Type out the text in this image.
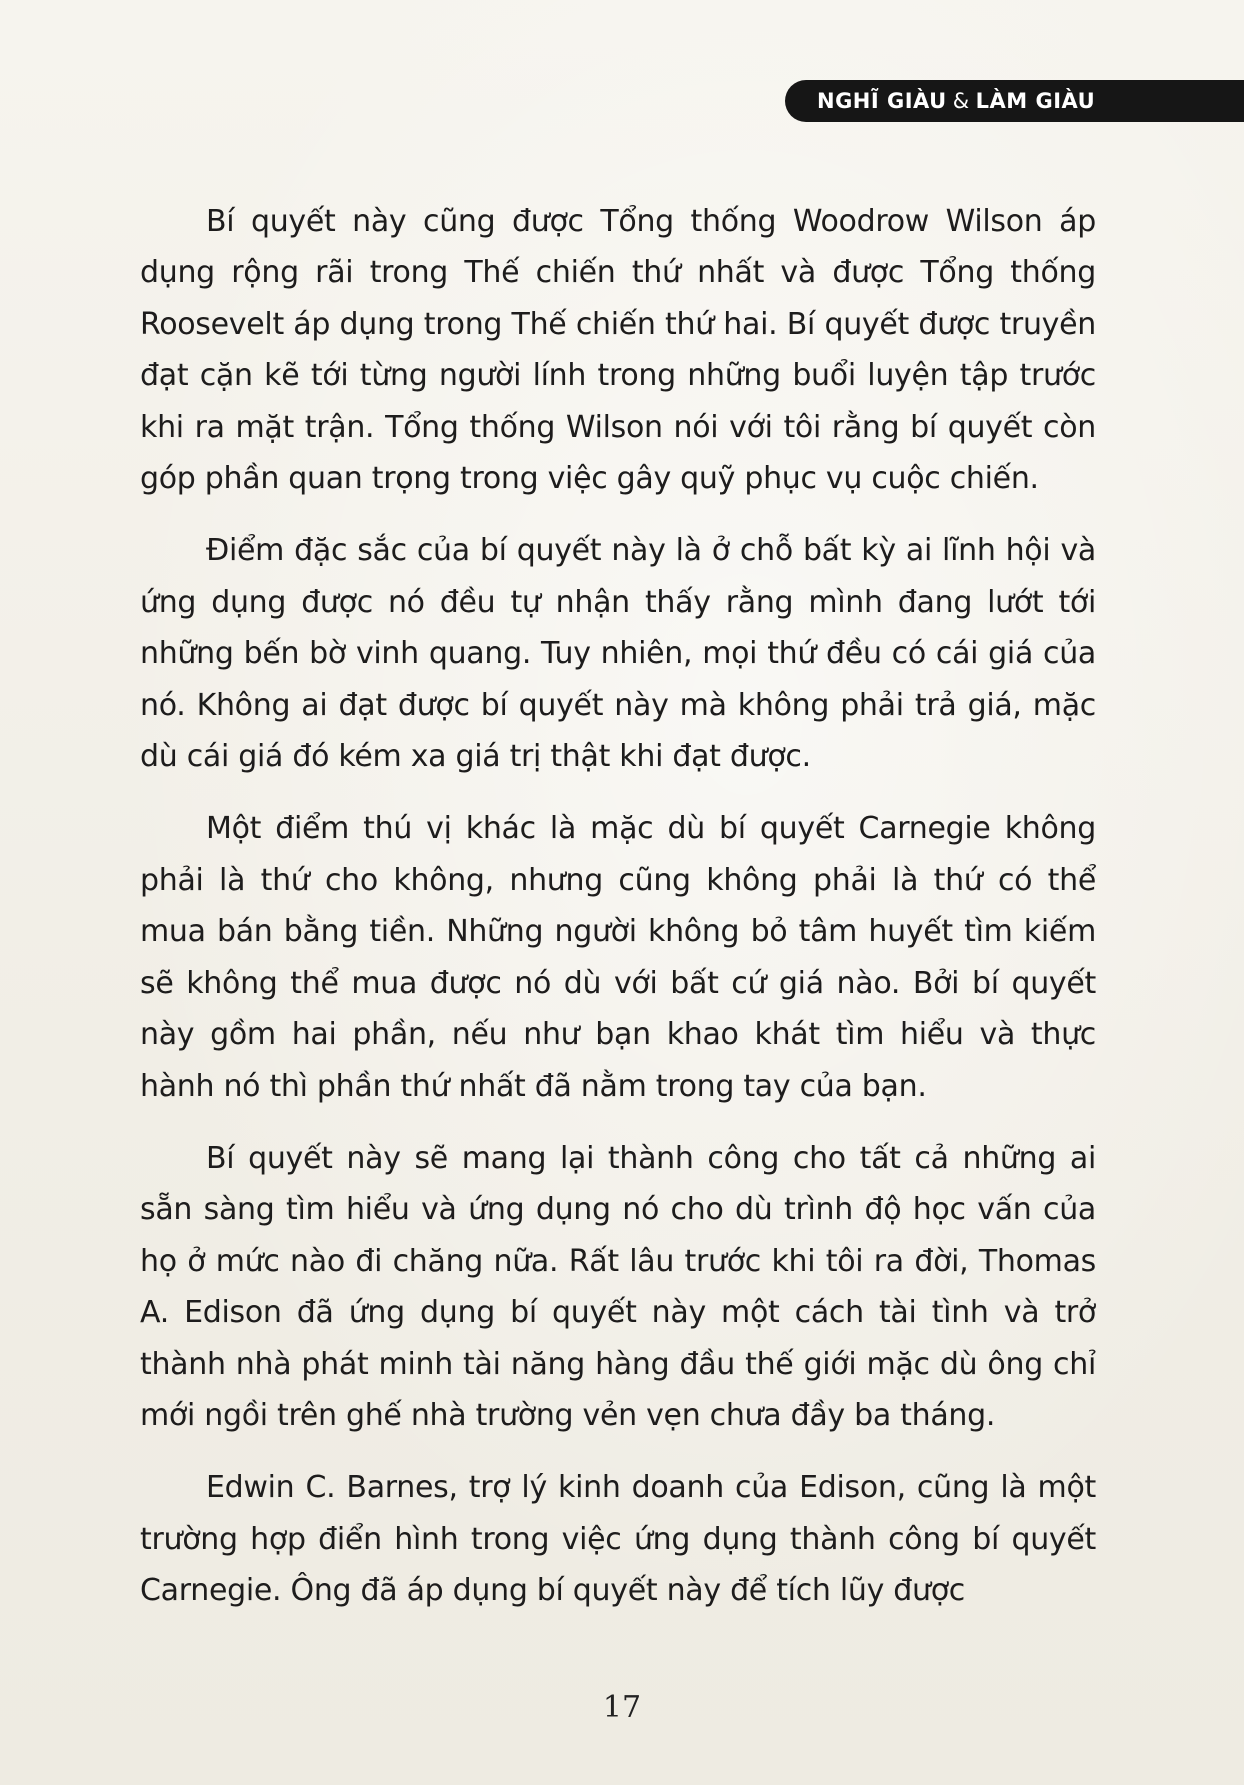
NGHĨ GIÀU & LÀM GIÀU

Bí quyết này cũng được Tổng thống Woodrow Wilson áp dụng rộng rãi trong Thế chiến thứ nhất và được Tổng thống Roosevelt áp dụng trong Thế chiến thứ hai. Bí quyết được truyền đạt cặn kẽ tới từng người lính trong những buổi luyện tập trước khi ra mặt trận. Tổng thống Wilson nói với tôi rằng bí quyết còn góp phần quan trọng trong việc gây quỹ phục vụ cuộc chiến.

Điểm đặc sắc của bí quyết này là ở chỗ bất kỳ ai lĩnh hội và ứng dụng được nó đều tự nhận thấy rằng mình đang lướt tới những bến bờ vinh quang. Tuy nhiên, mọi thứ đều có cái giá của nó. Không ai đạt được bí quyết này mà không phải trả giá, mặc dù cái giá đó kém xa giá trị thật khi đạt được.

Một điểm thú vị khác là mặc dù bí quyết Carnegie không phải là thứ cho không, nhưng cũng không phải là thứ có thể mua bán bằng tiền. Những người không bỏ tâm huyết tìm kiếm sẽ không thể mua được nó dù với bất cứ giá nào. Bởi bí quyết này gồm hai phần, nếu như bạn khao khát tìm hiểu và thực hành nó thì phần thứ nhất đã nằm trong tay của bạn.

Bí quyết này sẽ mang lại thành công cho tất cả những ai sẵn sàng tìm hiểu và ứng dụng nó cho dù trình độ học vấn của họ ở mức nào đi chăng nữa. Rất lâu trước khi tôi ra đời, Thomas A. Edison đã ứng dụng bí quyết này một cách tài tình và trở thành nhà phát minh tài năng hàng đầu thế giới mặc dù ông chỉ mới ngồi trên ghế nhà trường vẻn vẹn chưa đầy ba tháng.

Edwin C. Barnes, trợ lý kinh doanh của Edison, cũng là một trường hợp điển hình trong việc ứng dụng thành công bí quyết Carnegie. Ông đã áp dụng bí quyết này để tích lũy được

17
